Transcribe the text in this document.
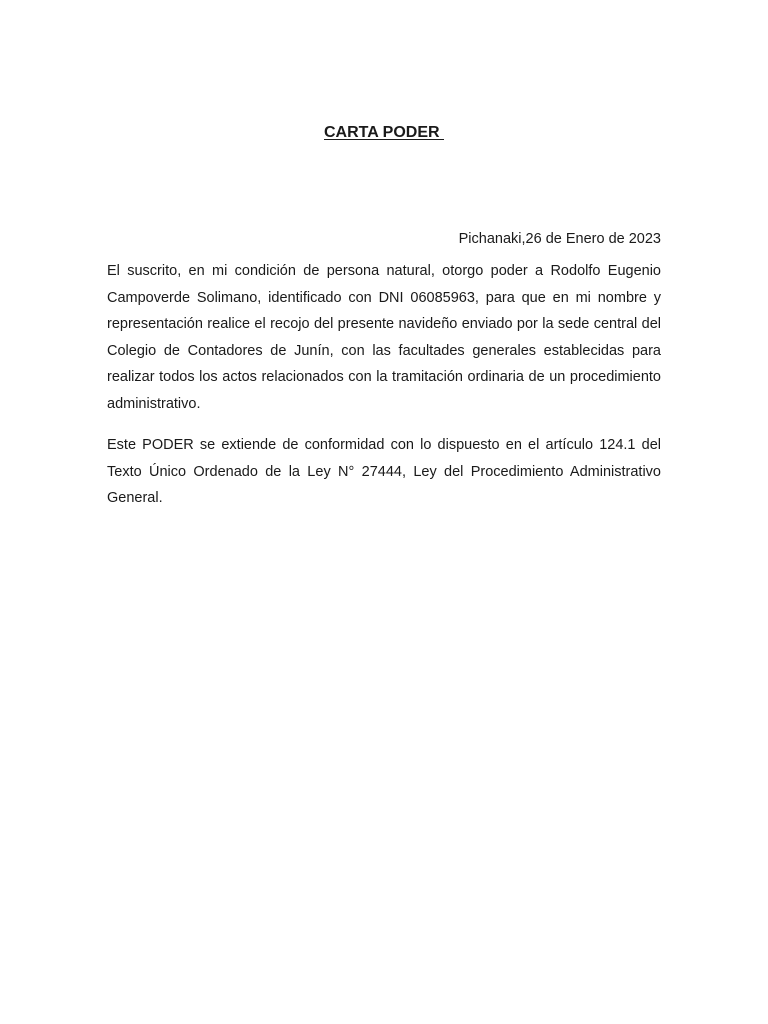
CARTA PODER

Pichanaki,26 de Enero de 2023

El suscrito, en mi condición de persona natural, otorgo poder a Rodolfo Eugenio Campoverde Solimano, identificado con DNI 06085963, para que en mi nombre y representación realice el recojo del presente navideño enviado por la sede central del Colegio de Contadores de Junín, con las facultades generales establecidas para realizar todos los actos relacionados con la tramitación ordinaria de un procedimiento administrativo.

Este PODER se extiende de conformidad con lo dispuesto en el artículo 124.1 del Texto Único Ordenado de la Ley N° 27444, Ley del Procedimiento Administrativo General.
